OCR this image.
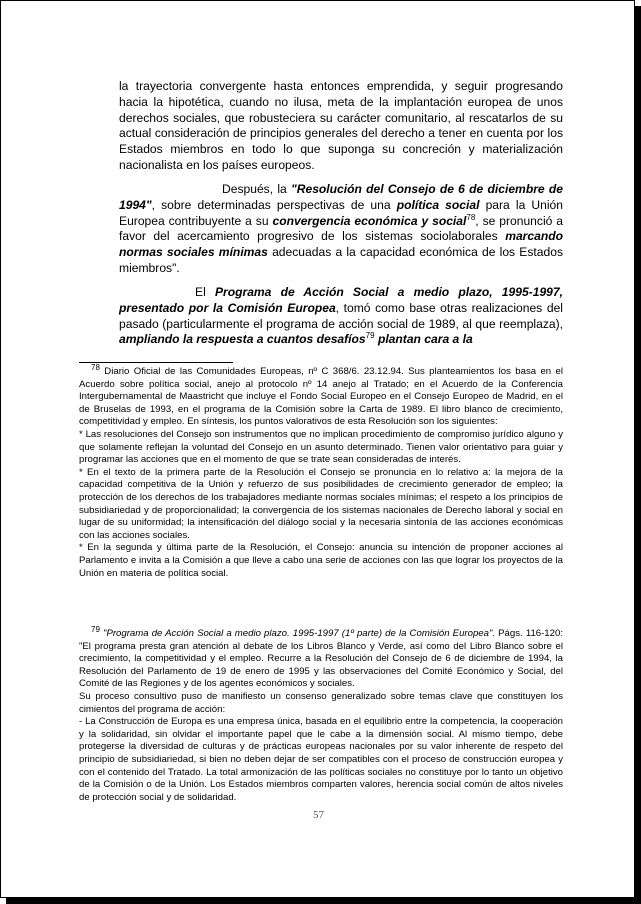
la trayectoria convergente hasta entonces emprendida, y seguir progresando hacia la hipotética, cuando no ilusa, meta de la implantación europea de unos derechos sociales, que robusteciera su carácter comunitario, al rescatarlos de su actual consideración de principios generales del derecho a tener en cuenta por los Estados miembros en todo lo que suponga su concreción y materialización nacionalista en los países europeos.
Después, la "Resolución del Consejo de 6 de diciembre de 1994", sobre determinadas perspectivas de una política social para la Unión Europea contribuyente a su convergencia económica y social$^{78}$, se pronunció a favor del acercamiento progresivo de los sistemas sociolaborales marcando normas sociales mínimas adecuadas a la capacidad económica de los Estados miembros".
El Programa de Acción Social a medio plazo, 1995-1997, presentado por la Comisión Europea, tomó como base otras realizaciones del pasado (particularmente el programa de acción social de 1989, al que reemplaza), ampliando la respuesta a cuantos desafíos$^{79}$ plantan cara a la

$^{78}$ Diario Oficial de las Comunidades Europeas, nº C 368/6. 23.12.94. Sus planteamientos los basa en el Acuerdo sobre política social, anejo al protocolo nº 14 anejo al Tratado; en el Acuerdo de la Conferencia Intergubernamental de Maastricht que incluye el Fondo Social Europeo en el Consejo Europeo de Madrid, en el de Bruselas de 1993, en el programa de la Comisión sobre la Carta de 1989. El libro blanco de crecimiento, competitividad y empleo. En síntesis, los puntos valorativos de esta Resolución son los siguientes:

* Las resoluciones del Consejo son instrumentos que no implican procedimiento de compromiso jurídico alguno y que solamente reflejan la voluntad del Consejo en un asunto determinado. Tienen valor orientativo para guiar y programar las acciones que en el momento de que se trate sean consideradas de interés.

* En el texto de la primera parte de la Resolución el Consejo se pronuncia en lo relativo a: la mejora de la capacidad competitiva de la Unión y refuerzo de sus posibilidades de crecimiento generador de empleo; la protección de los derechos de los trabajadores mediante normas sociales mínimas; el respeto a los principios de subsidiariedad y de proporcionalidad; la convergencia de los sistemas nacionales de Derecho laboral y social en lugar de su uniformidad; la intensificación del diálogo social y la necesaria sintonía de las acciones económicas con las acciones sociales.

* En la segunda y última parte de la Resolución, el Consejo: anuncia su intención de proponer acciones al Parlamento e invita a la Comisión a que lleve a cabo una serie de acciones con las que lograr los proyectos de la Unión en materia de política social.

$^{79}$ "Programa de Acción Social a medio plazo. 1995-1997 (1º parte) de la Comisión Europea". Págs. 116-120: "El programa presta gran atención al debate de los Libros Blanco y Verde, así como del Libro Blanco sobre el crecimiento, la competitividad y el empleo. Recurre a la Resolución del Consejo de 6 de diciembre de 1994, la Resolución del Parlamento de 19 de enero de 1995 y las observaciones del Comité Económico y Social, del Comité de las Regiones y de los agentes económicos y sociales.

Su proceso consultivo puso de manifiesto un consenso generalizado sobre temas clave que constituyen los cimientos del programa de acción:

- La Construcción de Europa es una empresa única, basada en el equilibrio entre la competencia, la cooperación y la solidaridad, sin olvidar el importante papel que le cabe a la dimensión social. Al mismo tiempo, debe protegerse la diversidad de culturas y de prácticas europeas nacionales por su valor inherente de respeto del principio de subsidiariedad, si bien no deben dejar de ser compatibles con el proceso de construcción europea y con el contenido del Tratado. La total armonización de las políticas sociales no constituye por lo tanto un objetivo de la Comisión o de la Unión. Los Estados miembros comparten valores, herencia social común de altos niveles de protección social y de solidaridad.

57
